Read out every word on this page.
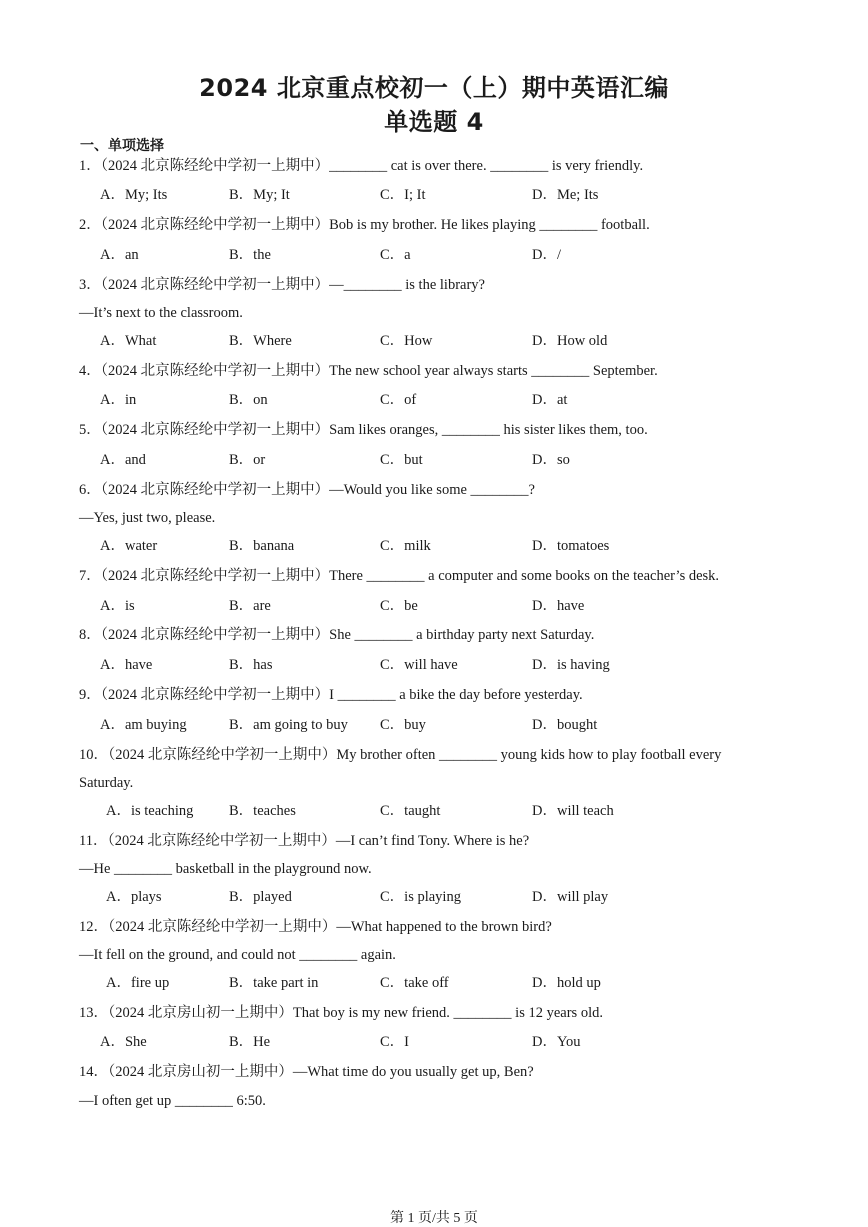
2024 北京重点校初一（上）期中英语汇编
单选题 4
一、单项选择
1．（2024 北京陈经纶中学初一上期中）________ cat is over there. ________ is very friendly.
A．My; Its	B．My; It	C．I; It	D．Me; Its
2．（2024 北京陈经纶中学初一上期中）Bob is my brother. He likes playing ________ football.
A．an	B．the	C．a	D．/
3．（2024 北京陈经纶中学初一上期中）—________ is the library?
—It’s next to the classroom.
A．What	B．Where	C．How	D．How old
4．（2024 北京陈经纶中学初一上期中）The new school year always starts ________ September.
A．in	B．on	C．of	D．at
5．（2024 北京陈经纶中学初一上期中）Sam likes oranges, ________ his sister likes them, too.
A．and	B．or	C．but	D．so
6．（2024 北京陈经纶中学初一上期中）—Would you like some ________?
—Yes, just two, please.
A．water	B．banana	C．milk	D．tomatoes
7．（2024 北京陈经纶中学初一上期中）There ________ a computer and some books on the teacher’s desk.
A．is	B．are	C．be	D．have
8．（2024 北京陈经纶中学初一上期中）She ________ a birthday party next Saturday.
A．have	B．has	C．will have	D．is having
9．（2024 北京陈经纶中学初一上期中）I ________ a bike the day before yesterday.
A．am buying	B．am going to buy C．buy	D．bought
10．（2024 北京陈经纶中学初一上期中）My brother often ________ young kids how to play football every
Saturday.
A．is teaching B．teaches	C．taught	D．will teach
11．（2024 北京陈经纶中学初一上期中）—I can’t find Tony. Where is he?
—He ________ basketball in the playground now.
A．plays	B．played	C．is playing	D．will play
12．（2024 北京陈经纶中学初一上期中）—What happened to the brown bird?
—It fell on the ground, and could not ________ again.
A．fire up	B．take part in	C．take off	D．hold up
13．（2024 北京房山初一上期中）That boy is my new friend. ________ is 12 years old.
A．She	B．He	C．I	D．You
14．（2024 北京房山初一上期中）—What time do you usually get up, Ben?
—I often get up ________ 6:50.
第 1 页/共 5 页
